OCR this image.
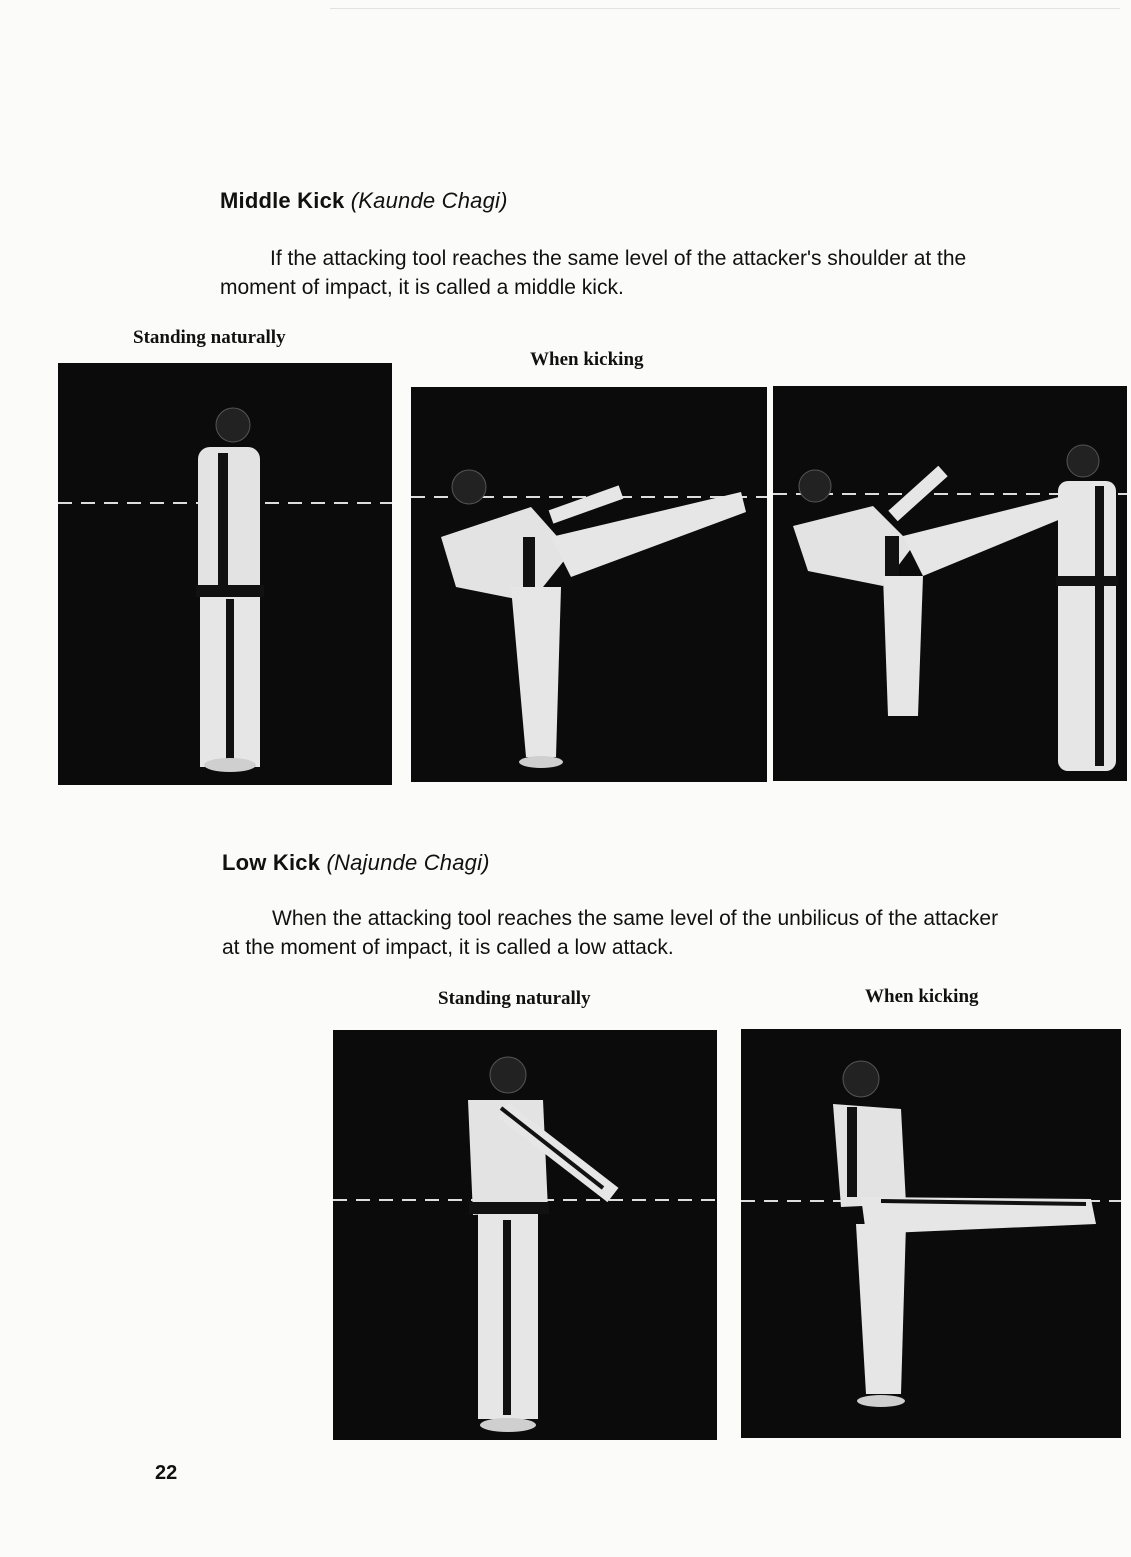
Middle Kick (Kaunde Chagi)
If the attacking tool reaches the same level of the attacker's shoulder at the moment of impact, it is called a middle kick.
Standing naturally
When kicking
Low Kick (Najunde Chagi)
When the attacking tool reaches the same level of the unbilicus of the attacker at the moment of impact, it is called a low attack.
Standing naturally	When kicking
22
